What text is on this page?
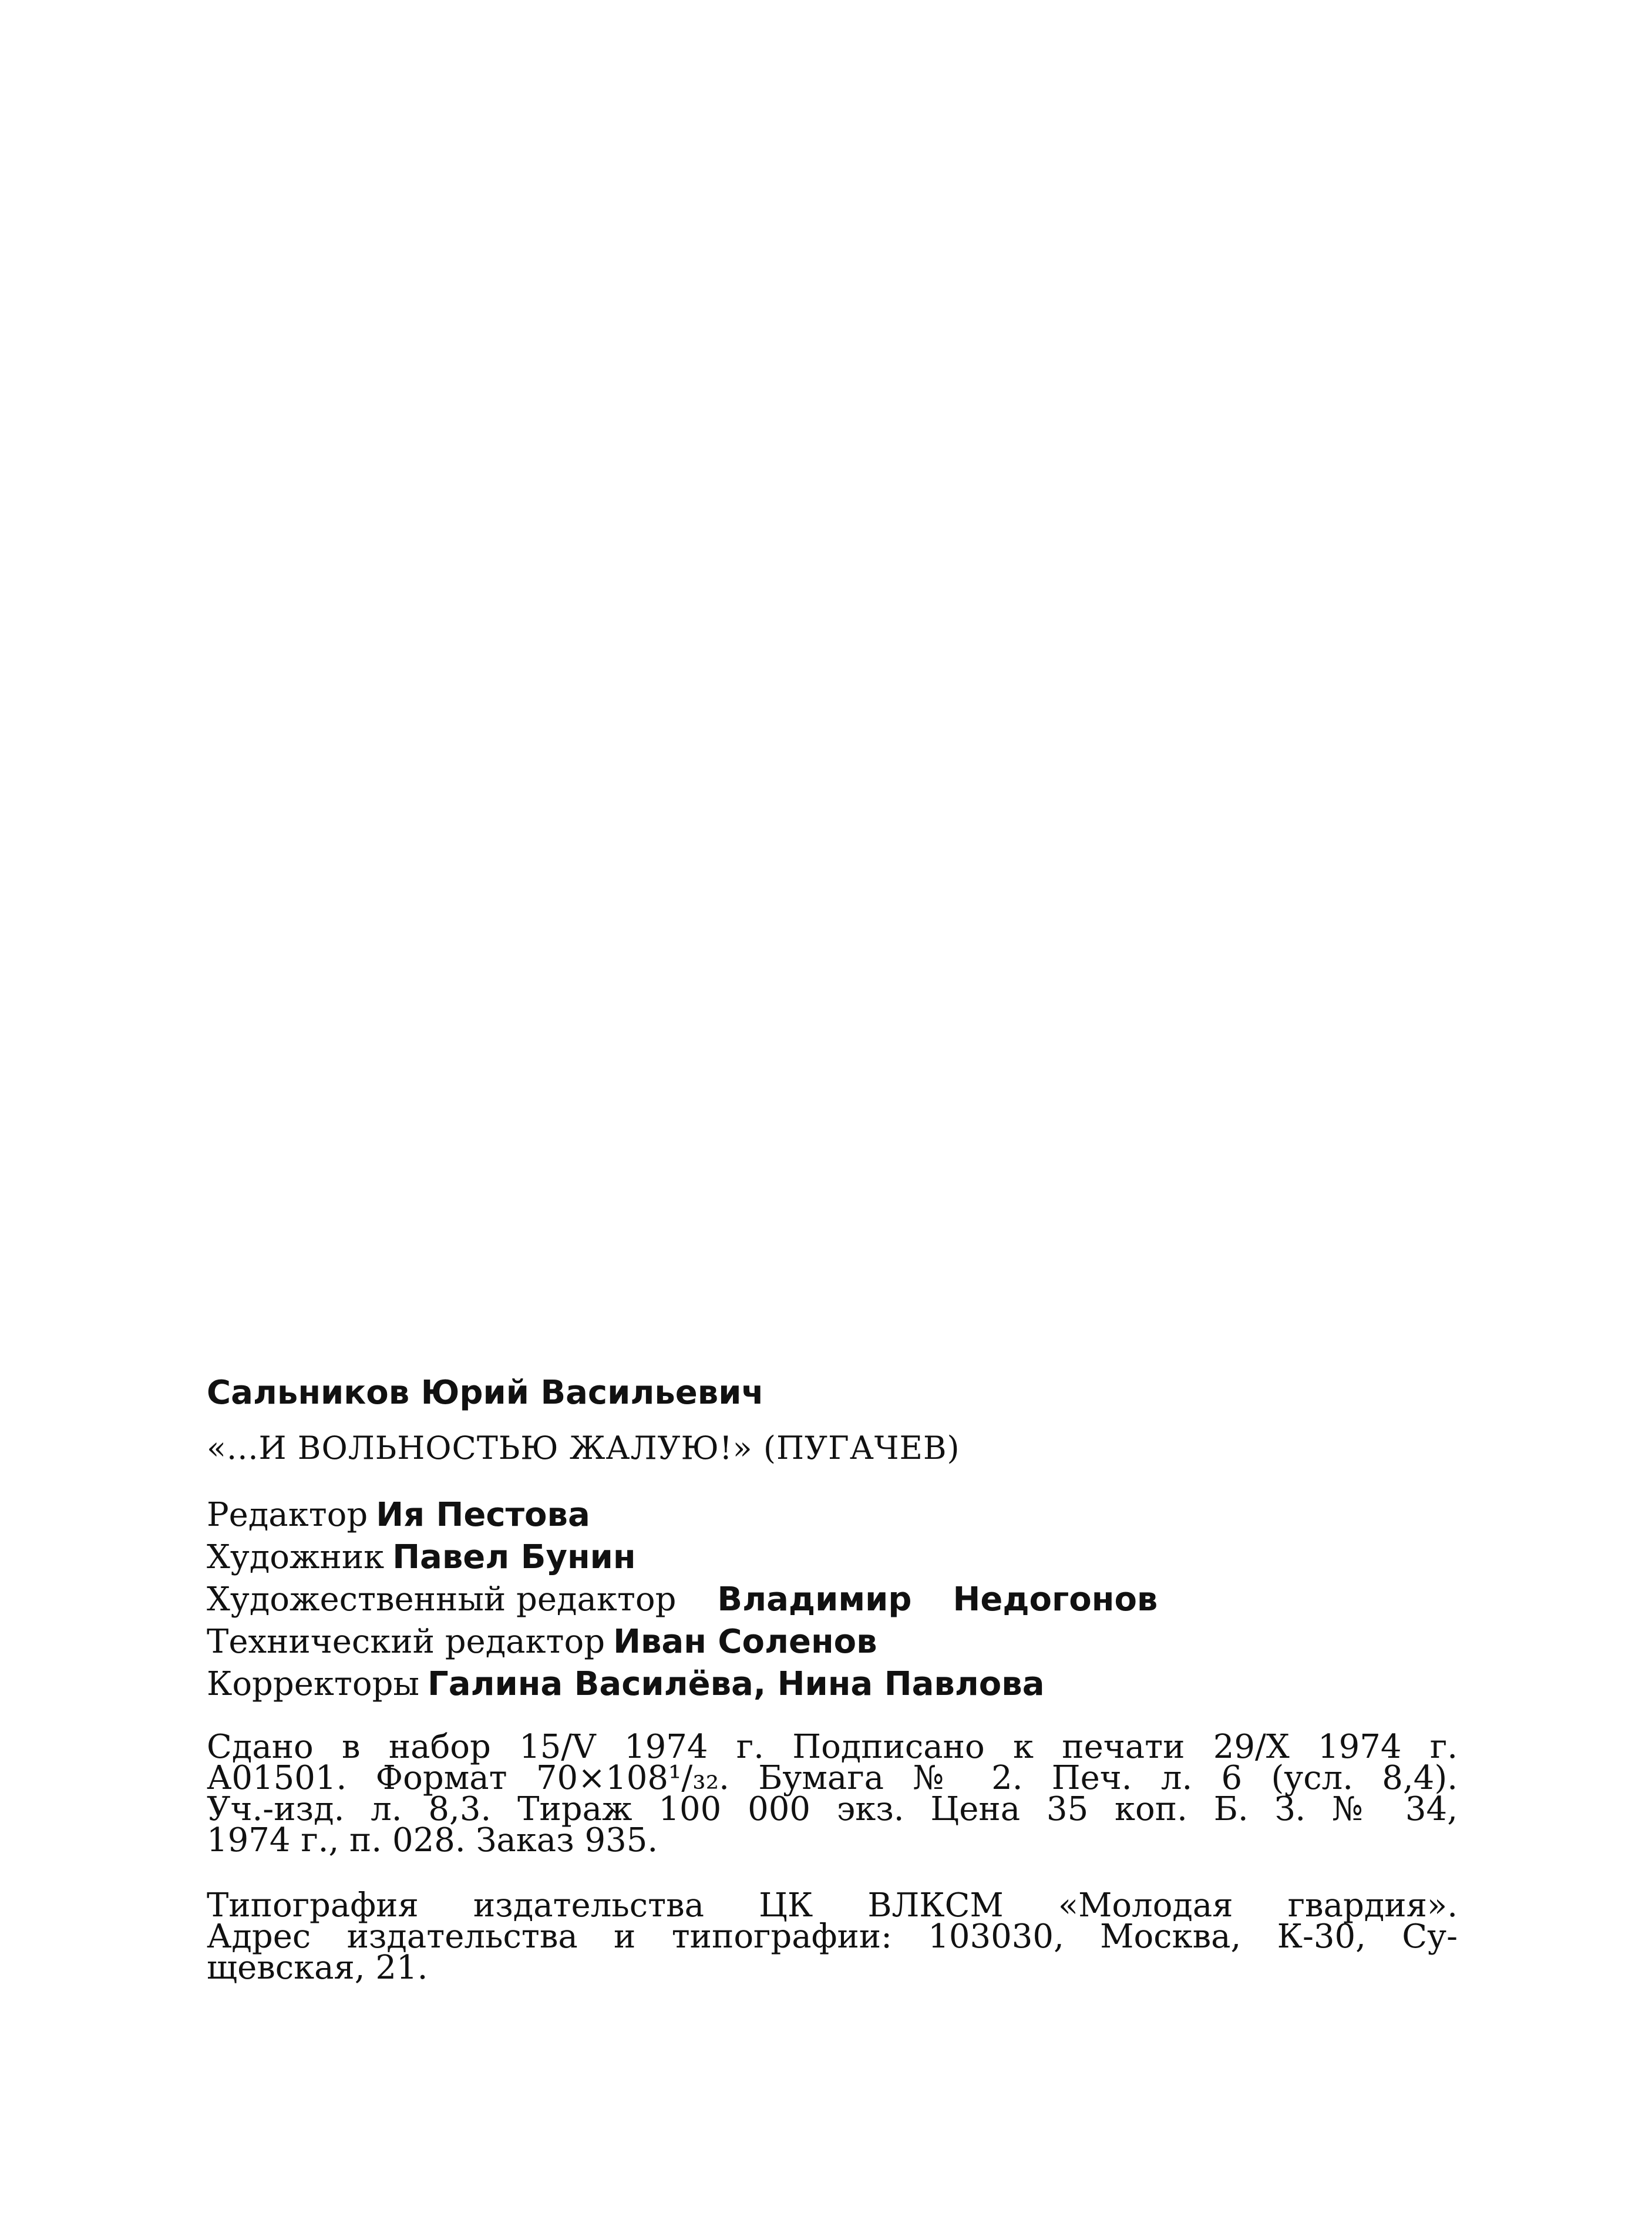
Сальников Юрий Васильевич

«...И ВОЛЬНОСТЬЮ ЖАЛУЮ!» (ПУГАЧЕВ)

Редактор Ия Пестова

Художник Павел Бунин

Художественный редактор Владимир Недогонов

Технический редактор Иван Соленов

Корректоры Галина Василёва, Нина Павлова

Сдано в набор 15/V 1974 г. Подписано к печати 29/X 1974 г.

А01501. Формат 70×108¹/₃₂. Бумага № 2. Печ. л. 6 (усл. 8,4).

Уч.-изд. л. 8,3. Тираж 100 000 экз. Цена 35 коп. Б. З. № 34,

1974 г., п. 028. Заказ 935.

Типография издательства ЦК ВЛКСМ «Молодая гвардия».

Адрес издательства и типографии: 103030, Москва, К-30, Су-

щевская, 21.
